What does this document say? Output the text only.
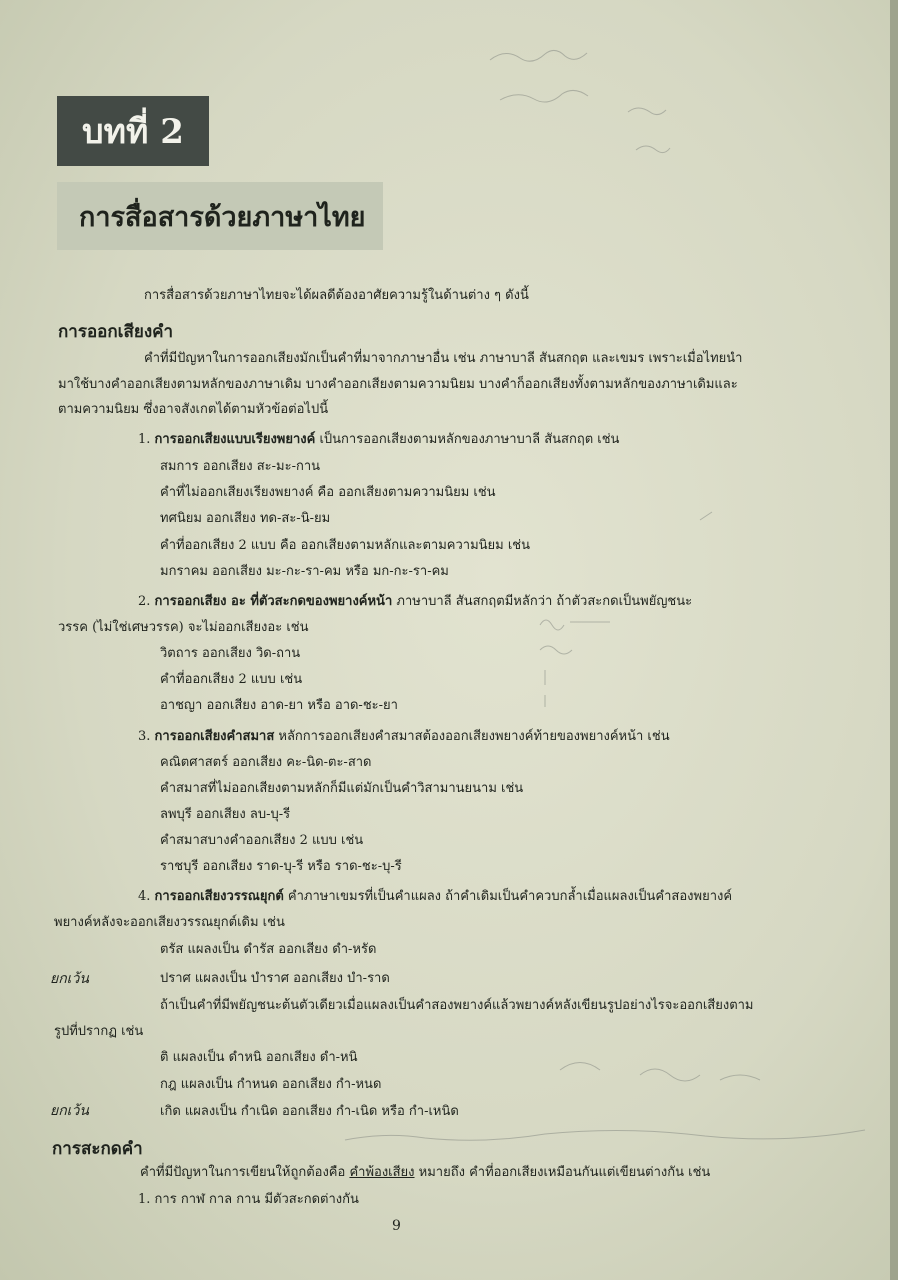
บทที่ 2
การสื่อสารด้วยภาษาไทย
การสื่อสารด้วยภาษาไทยจะได้ผลดีต้องอาศัยความรู้ในด้านต่าง ๆ ดังนี้
การออกเสียงคำ
คำที่มีปัญหาในการออกเสียงมักเป็นคำที่มาจากภาษาอื่น เช่น ภาษาบาลี สันสกฤต และเขมร เพราะเมื่อไทยนำ
มาใช้บางคำออกเสียงตามหลักของภาษาเดิม บางคำออกเสียงตามความนิยม บางคำก็ออกเสียงทั้งตามหลักของภาษาเดิมและ
ตามความนิยม ซึ่งอาจสังเกตได้ตามหัวข้อต่อไปนี้
1. การออกเสียงแบบเรียงพยางค์ เป็นการออกเสียงตามหลักของภาษาบาลี สันสกฤต เช่น
สมการ ออกเสียง สะ-มะ-กาน
คำที่ไม่ออกเสียงเรียงพยางค์ คือ ออกเสียงตามความนิยม เช่น
ทศนิยม ออกเสียง ทด-สะ-นิ-ยม
คำที่ออกเสียง 2 แบบ คือ ออกเสียงตามหลักและตามความนิยม เช่น
มกราคม ออกเสียง มะ-กะ-รา-คม หรือ มก-กะ-รา-คม
2. การออกเสียง อะ ที่ตัวสะกดของพยางค์หน้า ภาษาบาลี สันสกฤตมีหลักว่า ถ้าตัวสะกดเป็นพยัญชนะ
วรรค (ไม่ใช่เศษวรรค) จะไม่ออกเสียงอะ เช่น
วิตถาร ออกเสียง วิด-ถาน
คำที่ออกเสียง 2 แบบ เช่น
อาชญา ออกเสียง อาด-ยา หรือ อาด-ชะ-ยา
3. การออกเสียงคำสมาส หลักการออกเสียงคำสมาสต้องออกเสียงพยางค์ท้ายของพยางค์หน้า เช่น
คณิตศาสตร์ ออกเสียง คะ-นิด-ตะ-สาด
คำสมาสที่ไม่ออกเสียงตามหลักก็มีแต่มักเป็นคำวิสามานยนาม เช่น
ลพบุรี ออกเสียง ลบ-บุ-รี
คำสมาสบางคำออกเสียง 2 แบบ เช่น
ราชบุรี ออกเสียง ราด-บุ-รี หรือ ราด-ชะ-บุ-รี
4. การออกเสียงวรรณยุกต์ คำภาษาเขมรที่เป็นคำแผลง ถ้าคำเดิมเป็นคำควบกล้ำเมื่อแผลงเป็นคำสองพยางค์
พยางค์หลังจะออกเสียงวรรณยุกต์เดิม เช่น
ตรัส แผลงเป็น ดำรัส ออกเสียง ดำ-หรัด
ยกเว้น	ปราศ แผลงเป็น บำราศ ออกเสียง บำ-ราด
ถ้าเป็นคำที่มีพยัญชนะต้นตัวเดียวเมื่อแผลงเป็นคำสองพยางค์แล้วพยางค์หลังเขียนรูปอย่างไรจะออกเสียงตาม
รูปที่ปรากฏ เช่น
ติ แผลงเป็น ดำหนิ ออกเสียง ดำ-หนิ
กฎ แผลงเป็น กำหนด ออกเสียง กำ-หนด
ยกเว้น	เกิด แผลงเป็น กำเนิด ออกเสียง กำ-เนิด หรือ กำ-เหนิด
การสะกดคำ
คำที่มีปัญหาในการเขียนให้ถูกต้องคือ คำพ้องเสียง หมายถึง คำที่ออกเสียงเหมือนกันแต่เขียนต่างกัน เช่น
1. การ กาฬ กาล กาน มีตัวสะกดต่างกัน
9
